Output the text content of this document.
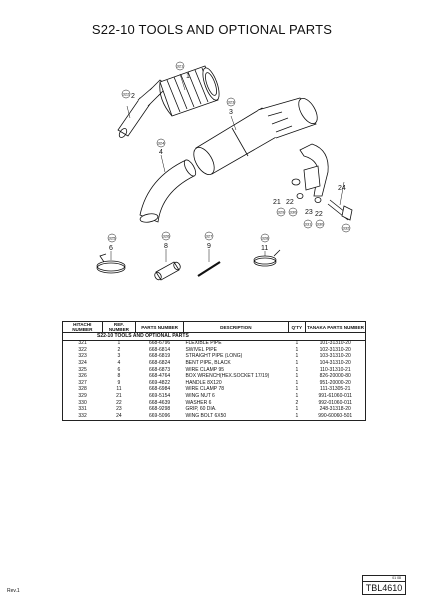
S22-10 TOOLS AND OPTIONAL PARTS
321
322
323
324
325	326	327	328
329 330
330
331
332
1
2
3
4
6	8	9	11
21 22
23
24
22
HITACHI NUMBER	REF. NUMBER	PARTS NUMBER	DESCRIPTION	Q'TY	TANAKA PARTS NUMBER
S22-10 TOOLS AND OPTIONAL PARTS					
321	1	668-6796	FLEXIBLE PIPE	1	101-31310-20
322	2	668-6814	SWIVEL PIPE	1	102-31310-20
323	3	668-6819	STRAIGHT PIPE (LONG)	1	103-31310-20
324	4	668-6824	BENT PIPE, BLACK	1	104-31310-20
325	6	668-6873	WIRE CLAMP 95	1	110-31310-21
326	8	668-4764	BOX WRENCH(HEX.SOCKET 17/19)	1	826-20000-80
327	9	669-4822	HANDLE 8X120	1	951-20000-20
328	11	668-6984	WIRE CLAMP 78	1	111-31305-21
329	21	669-5154	WING NUT 6	1	991-61060-011
330	22	668-4639	WASHER 6	2	992-01060-011
331	23	668-9298	GRIP, 60 DIA.	1	248-31318-20
332	24	669-5096	WING BOLT 6X50	1	990-60060-501
Rev.1
01 08
TBL4610
